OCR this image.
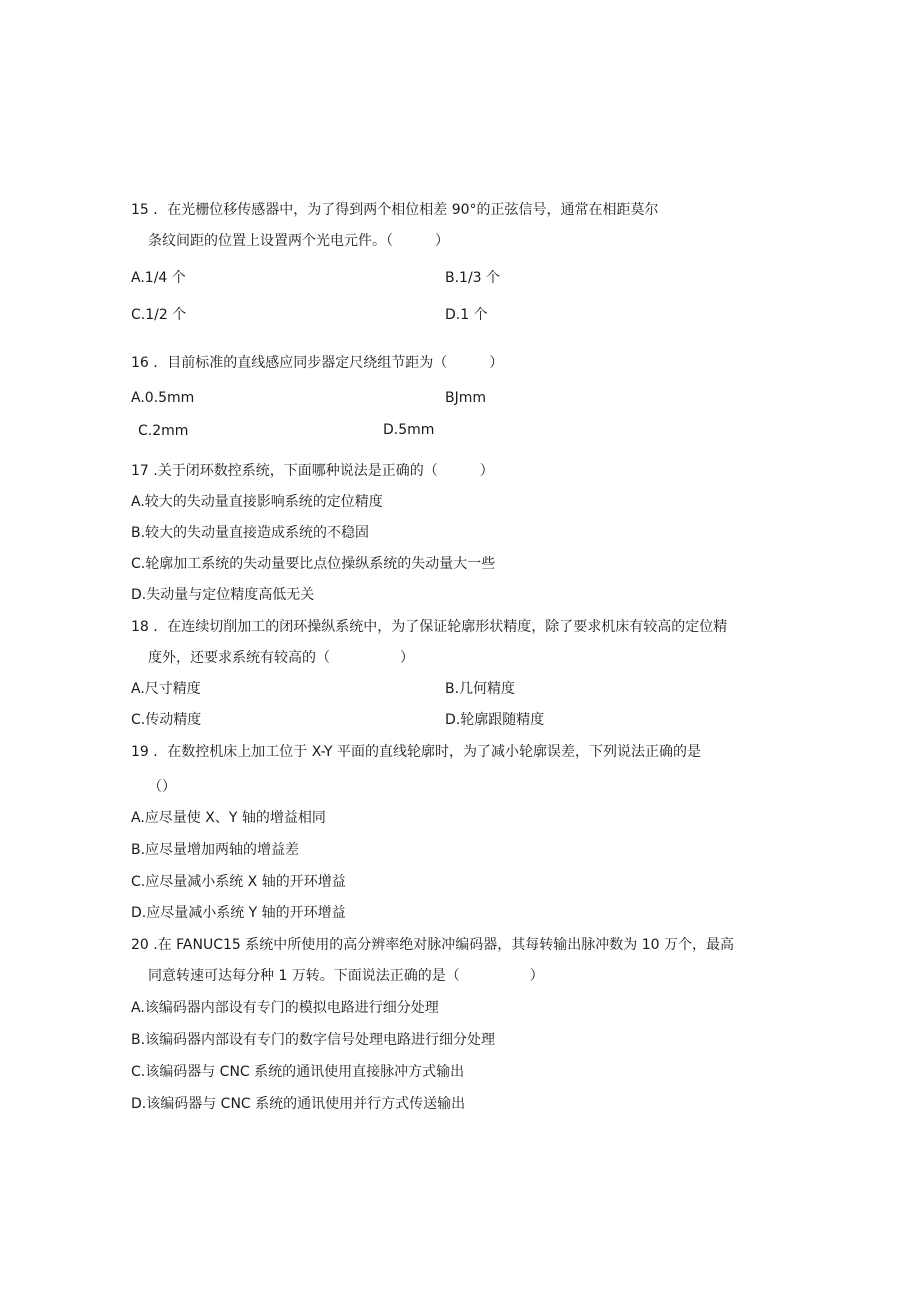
15 ．在光栅位移传感器中，为了得到两个相位相差 90°的正弦信号，通常在相距莫尔
条纹间距的位置上设置两个光电元件。（　　　）
A.1/4 个	B.1/3 个
C.1/2 个	D.1 个
16 ．目前标准的直线感应同步器定尺绕组节距为（　　　）
A.0.5mm	BJmm
C.2mm	D.5mm
17 .关于闭环数控系统，下面哪种说法是正确的（　　　）
A.较大的失动量直接影响系统的定位精度
B.较大的失动量直接造成系统的不稳固
C.轮廓加工系统的失动量要比点位操纵系统的失动量大一些
D.失动量与定位精度高低无关
18 ．在连续切削加工的闭环操纵系统中，为了保证轮廓形状精度，除了要求机床有较高的定位精
度外，还要求系统有较高的（　　　　　）
A.尺寸精度	B.几何精度
C.传动精度	D.轮廓跟随精度
19 ．在数控机床上加工位于 X-Y 平面的直线轮廓时，为了减小轮廓误差，下列说法正确的是
（）
A.应尽量使 X、Y 轴的增益相同
B.应尽量增加两轴的增益差
C.应尽量减小系统 X 轴的开环增益
D.应尽量减小系统 Y 轴的开环增益
20 .在 FANUC15 系统中所使用的高分辨率绝对脉冲编码器，其每转输出脉冲数为 10 万个，最高
同意转速可达每分种 1 万转。下面说法正确的是（　　　　　）
A.该编码器内部设有专门的模拟电路进行细分处理
B.该编码器内部设有专门的数字信号处理电路进行细分处理
C.该编码器与 CNC 系统的通讯使用直接脉冲方式输出
D.该编码器与 CNC 系统的通讯使用并行方式传送输出
